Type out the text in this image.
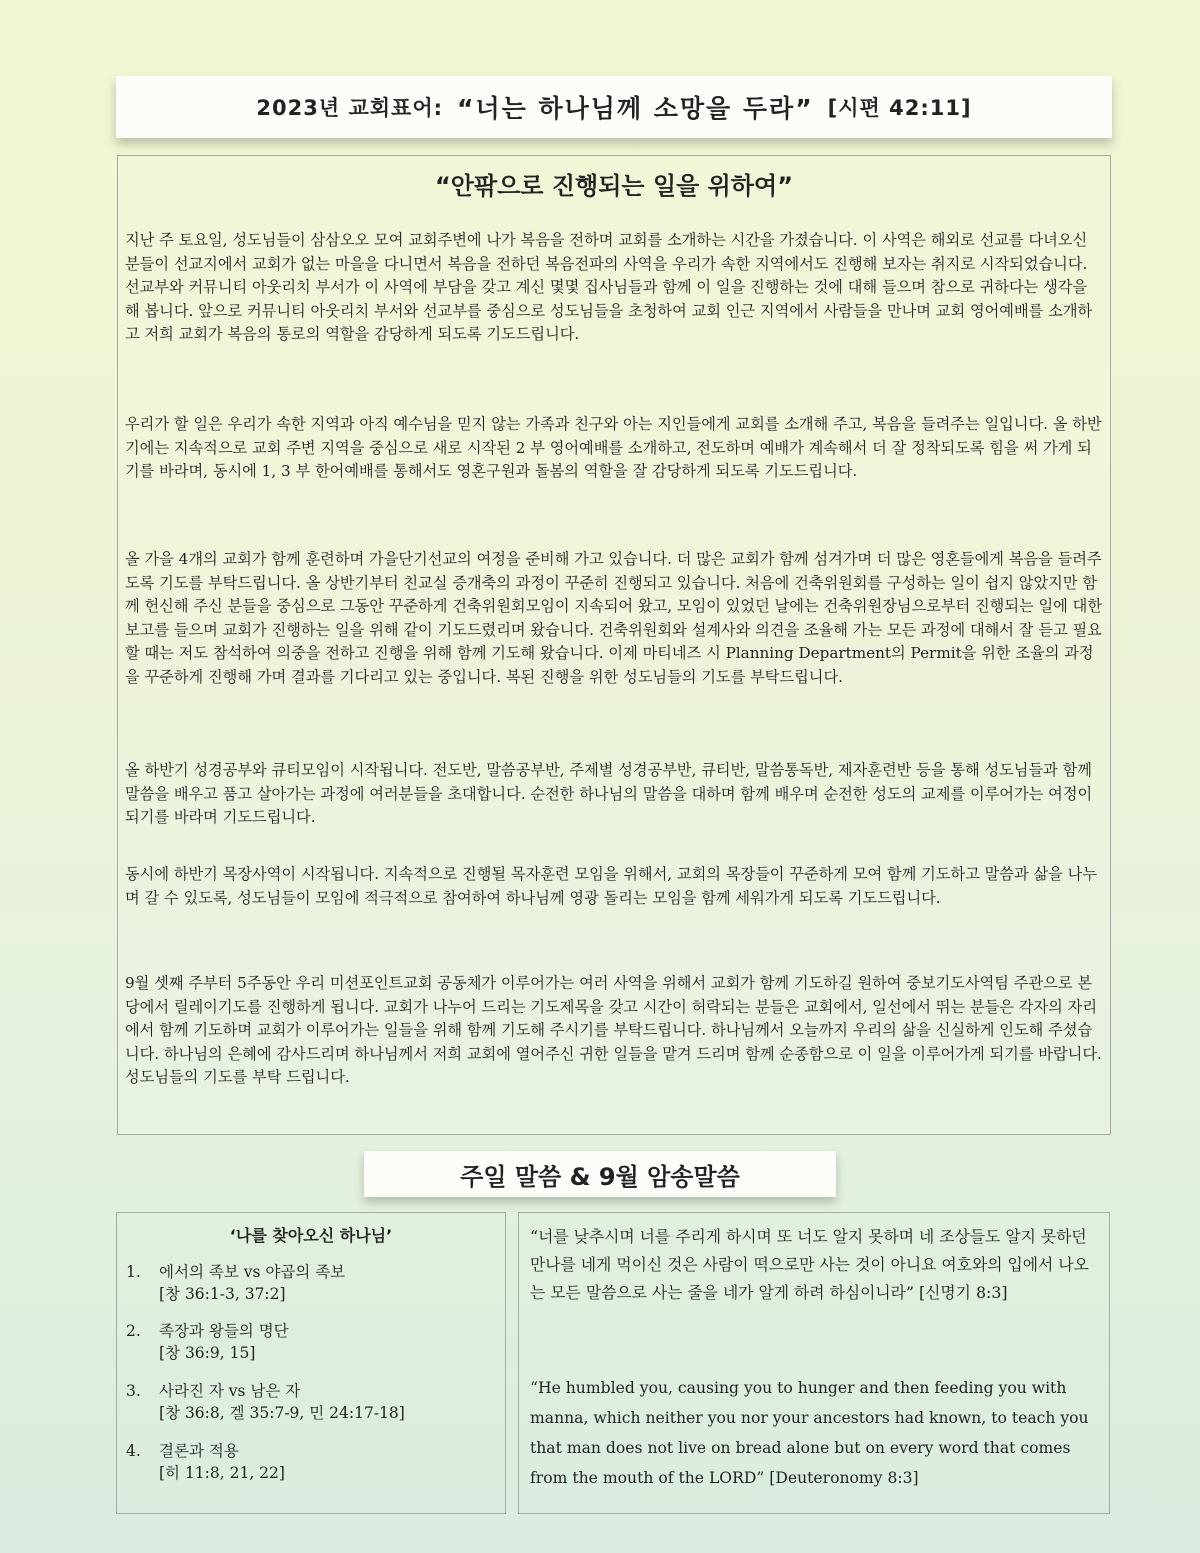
2023년 교회표어: “너는 하나님께 소망을 두라” [시편 42:11]
“안팎으로 진행되는 일을 위하여”

지난 주 토요일, 성도님들이 삼삼오오 모여 교회주변에 나가 복음을 전하며 교회를 소개하는 시간을 가졌습니다. 이 사역은 해외로 선교를 다녀오신 분들이 선교지에서 교회가 없는 마을을 다니면서 복음을 전하던 복음전파의 사역을 우리가 속한 지역에서도 진행해 보자는 취지로 시작되었습니다. 선교부와 커뮤니티 아웃리치 부서가 이 사역에 부담을 갖고 계신 몇몇 집사님들과 함께 이 일을 진행하는 것에 대해 들으며 참으로 귀하다는 생각을 해 봅니다. 앞으로 커뮤니티 아웃리치 부서와 선교부를 중심으로 성도님들을 초청하여 교회 인근 지역에서 사람들을 만나며 교회 영어예배를 소개하고 저희 교회가 복음의 통로의 역할을 감당하게 되도록 기도드립니다.

우리가 할 일은 우리가 속한 지역과 아직 예수님을 믿지 않는 가족과 친구와 아는 지인들에게 교회를 소개해 주고, 복음을 들려주는 일입니다. 올 하반기에는 지속적으로 교회 주변 지역을 중심으로 새로 시작된 2 부 영어예배를 소개하고, 전도하며 예배가 계속해서 더 잘 정착되도록 힘을 써 가게 되기를 바라며, 동시에 1, 3 부 한어예배를 통해서도 영혼구원과 돌봄의 역할을 잘 감당하게 되도록 기도드립니다.

올 가을 4개의 교회가 함께 훈련하며 가을단기선교의 여정을 준비해 가고 있습니다. 더 많은 교회가 함께 섬겨가며 더 많은 영혼들에게 복음을 들려주도록 기도를 부탁드립니다. 올 상반기부터 친교실 증개축의 과정이 꾸준히 진행되고 있습니다. 처음에 건축위원회를 구성하는 일이 쉽지 않았지만 함께 헌신해 주신 분들을 중심으로 그동안 꾸준하게 건축위원회모임이 지속되어 왔고, 모임이 있었던 날에는 건축위원장님으로부터 진행되는 일에 대한 보고를 들으며 교회가 진행하는 일을 위해 같이 기도드렸리며 왔습니다. 건축위원회와 설계사와 의견을 조율해 가는 모든 과정에 대해서 잘 듣고 필요할 때는 저도 참석하여 의중을 전하고 진행을 위해 함께 기도해 왔습니다. 이제 마티네즈 시 Planning Department의 Permit을 위한 조율의 과정을 꾸준하게 진행해 가며 결과를 기다리고 있는 중입니다. 복된 진행을 위한 성도님들의 기도를 부탁드립니다.

올 하반기 성경공부와 큐티모임이 시작됩니다. 전도반, 말씀공부반, 주제별 성경공부반, 큐티반, 말씀통독반, 제자훈련반 등을 통해 성도님들과 함께 말씀을 배우고 품고 살아가는 과정에 여러분들을 초대합니다. 순전한 하나님의 말씀을 대하며 함께 배우며 순전한 성도의 교제를 이루어가는 여정이 되기를 바라며 기도드립니다.

동시에 하반기 목장사역이 시작됩니다. 지속적으로 진행될 목자훈련 모임을 위해서, 교회의 목장들이 꾸준하게 모여 함께 기도하고 말씀과 삶을 나누며 갈 수 있도록, 성도님들이 모임에 적극적으로 참여하여 하나님께 영광 돌리는 모임을 함께 세워가게 되도록 기도드립니다.

9월 셋째 주부터 5주동안 우리 미션포인트교회 공동체가 이루어가는 여러 사역을 위해서 교회가 함께 기도하길 원하여 중보기도사역팀 주관으로 본당에서 릴레이기도를 진행하게 됩니다. 교회가 나누어 드리는 기도제목을 갖고 시간이 허락되는 분들은 교회에서, 일선에서 뛰는 분들은 각자의 자리에서 함께 기도하며 교회가 이루어가는 일들을 위해 함께 기도해 주시기를 부탁드립니다. 하나님께서 오늘까지 우리의 삶을 신실하게 인도해 주셨습니다. 하나님의 은혜에 감사드리며 하나님께서 저희 교회에 열어주신 귀한 일들을 맡겨 드리며 함께 순종함으로 이 일을 이루어가게 되기를 바랍니다. 성도님들의 기도를 부탁 드립니다.

주일 말씀 & 9월 암송말씀
‘나를 찾아오신 하나님’
1. 에서의 족보 vs 야곱의 족보
[창 36:1-3, 37:2]
2. 족장과 왕들의 명단
[창 36:9, 15]
3. 사라진 자 vs 남은 자
[창 36:8, 겔 35:7-9, 민 24:17-18]
4. 결론과 적용
[히 11:8, 21, 22]

“너를 낮추시며 너를 주리게 하시며 또 너도 알지 못하며 네 조상들도 알지 못하던 만나를 네게 먹이신 것은 사람이 떡으로만 사는 것이 아니요 여호와의 입에서 나오는 모든 말씀으로 사는 줄을 네가 알게 하려 하심이니라” [신명기 8:3]

“He humbled you, causing you to hunger and then feeding you with manna, which neither you nor your ancestors had known, to teach you that man does not live on bread alone but on every word that comes from the mouth of the LORD” [Deuteronomy 8:3]
